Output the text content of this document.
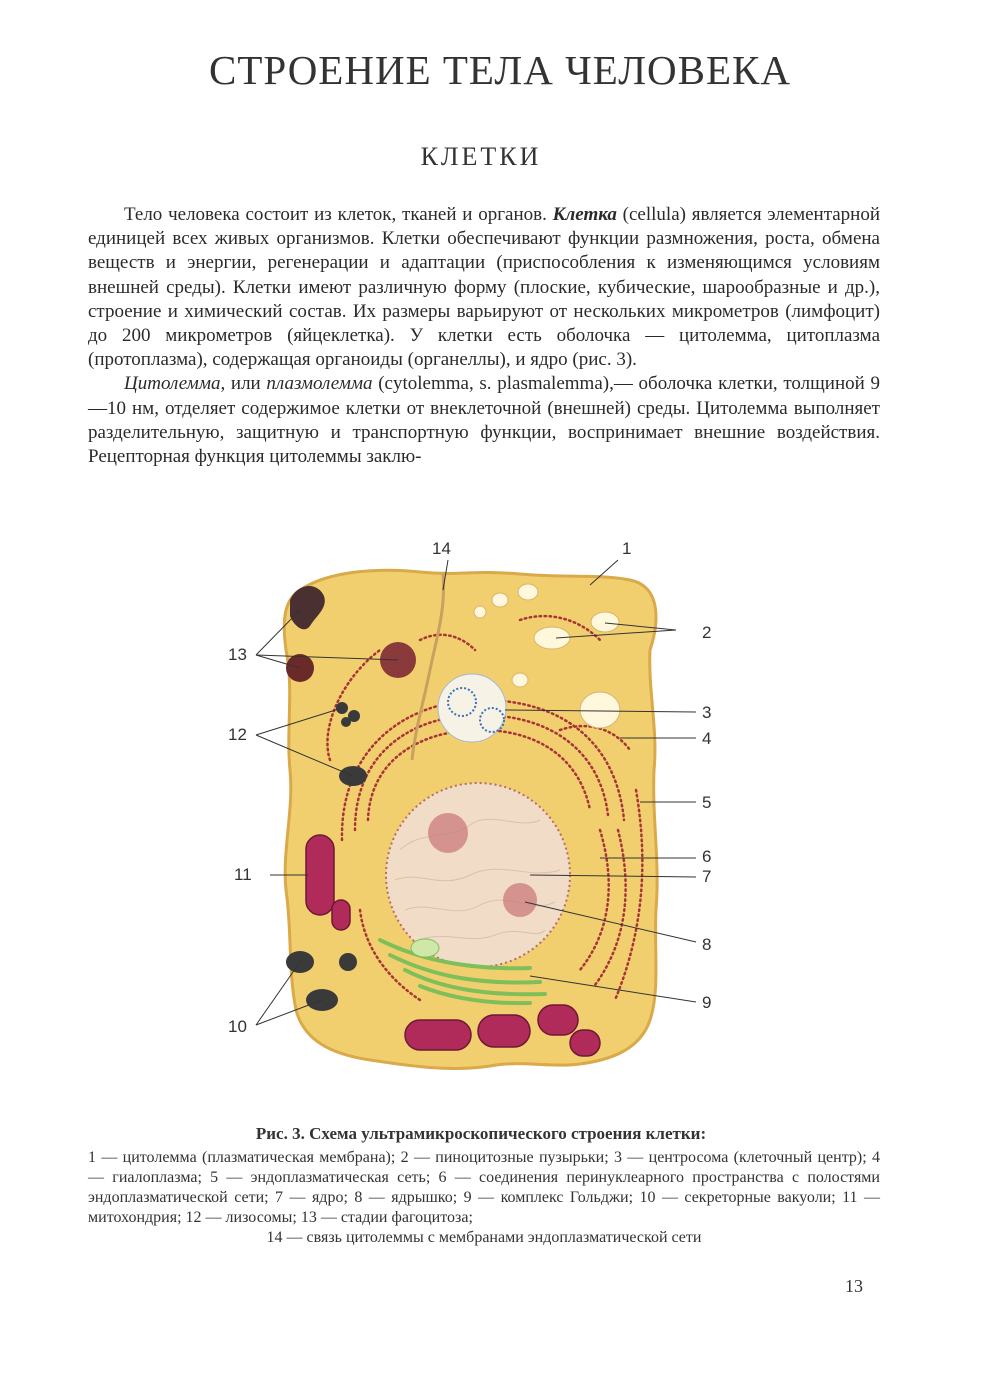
СТРОЕНИЕ ТЕЛА ЧЕЛОВЕКА
КЛЕТКИ

Тело человека состоит из клеток, тканей и органов. Клетка (cellula) является элементарной единицей всех живых организмов. Клетки обеспечивают функции размножения, роста, обмена веществ и энергии, регенерации и адаптации (приспособления к изменяющимся условиям внешней среды). Клетки имеют различную форму (плоские, кубические, шарообразные и др.), строение и химический состав. Их размеры варьируют от нескольких микрометров (лимфоцит) до 200 микрометров (яйцеклетка). У клетки есть оболочка — цитолемма, цитоплазма (протоплазма), содержащая органоиды (органеллы), и ядро (рис. 3).

Цитолемма, или плазмолемма (cytolemma, s. plasmalemma),— оболочка клетки, толщиной 9—10 нм, отделяет содержимое клетки от внеклеточной (внешней) среды. Цитолемма выполняет разделительную, защитную и транспортную функции, воспринимает внешние воздействия. Рецепторная функция цитолеммы заклю-

14	1
2
3
4
5
6
7
8
9
11
13
12
10

Рис. 3. Схема ультрамикроскопического строения клетки:

1 — цитолемма (плазматическая мембрана); 2 — пиноцитозные пузырьки; 3 — центросома (клеточный центр); 4 — гиалоплазма; 5 — эндоплазматическая сеть; 6 — соединения перинуклеарного пространства с полостями эндоплазматической сети; 7 — ядро; 8 — ядрышко; 9 — комплекс Гольджи; 10 — секреторные вакуоли; 11 — митохондрия; 12 — лизосомы; 13 — стадии фагоцитоза;
14 — связь цитолеммы с мембранами эндоплазматической сети

13
